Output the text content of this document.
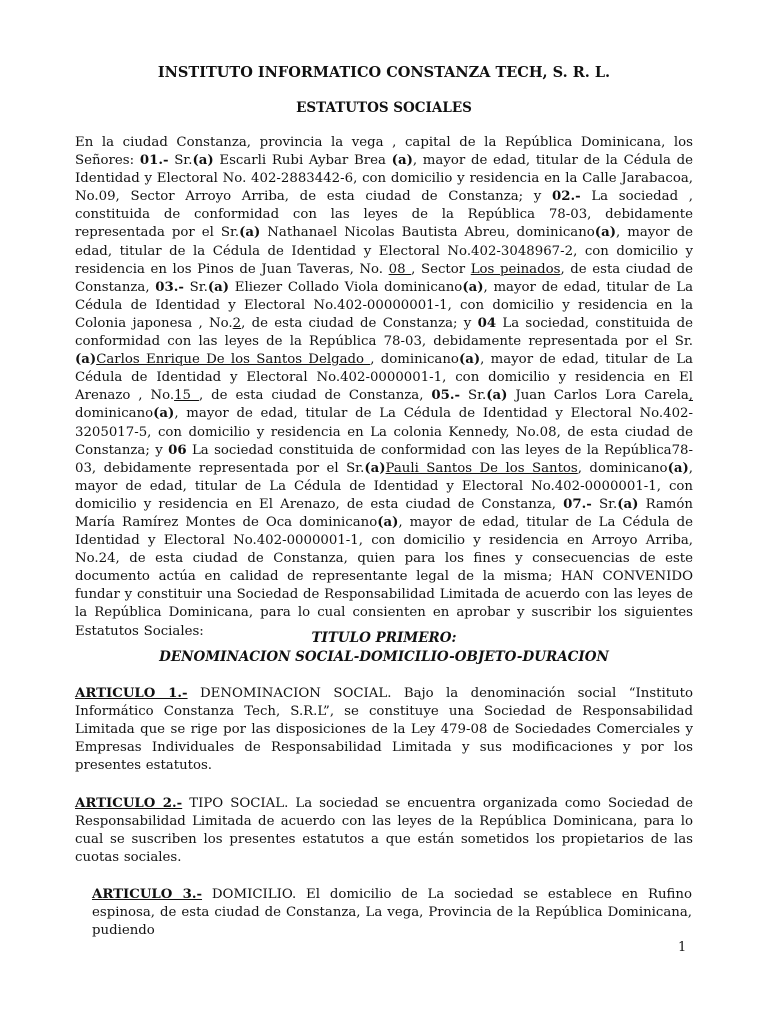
INSTITUTO INFORMATICO CONSTANZA TECH, S. R. L.
ESTATUTOS SOCIALES
En la ciudad Constanza, provincia la vega , capital de la República Dominicana, los Señores: 01.- Sr.(a) Escarli Rubi Aybar Brea (a), mayor de edad, titular de la Cédula de Identidad y Electoral No. 402-2883442-6, con domicilio y residencia en la Calle Jarabacoa, No.09, Sector Arroyo Arriba, de esta ciudad de Constanza; y 02.- La sociedad , constituida de conformidad con las leyes de la República 78-03, debidamente representada por el Sr.(a) Nathanael Nicolas Bautista Abreu, dominicano(a), mayor de edad, titular de la Cédula de Identidad y Electoral No.402-3048967-2, con domicilio y residencia en los Pinos de Juan Taveras, No. 08 , Sector Los peinados, de esta ciudad de Constanza, 03.- Sr.(a) Eliezer Collado Viola dominicano(a), mayor de edad, titular de La Cédula de Identidad y Electoral No.402-00000001-1, con domicilio y residencia en la Colonia japonesa , No.2, de esta ciudad de Constanza; y 04 La sociedad, constituida de conformidad con las leyes de la República 78-03, debidamente representada por el Sr.(a)Carlos Enrique De los Santos Delgado , dominicano(a), mayor de edad, titular de La Cédula de Identidad y Electoral No.402-0000001-1, con domicilio y residencia en El Arenazo , No.15 , de esta ciudad de Constanza, 05.- Sr.(a) Juan Carlos Lora Carela, dominicano(a), mayor de edad, titular de La Cédula de Identidad y Electoral No.402-3205017-5, con domicilio y residencia en La colonia Kennedy, No.08, de esta ciudad de Constanza; y 06 La sociedad constituida de conformidad con las leyes de la República78-03, debidamente representada por el Sr.(a)Pauli Santos De los Santos, dominicano(a), mayor de edad, titular de La Cédula de Identidad y Electoral No.402-0000001-1, con domicilio y residencia en El Arenazo, de esta ciudad de Constanza, 07.- Sr.(a) Ramón María Ramírez Montes de Oca dominicano(a), mayor de edad, titular de La Cédula de Identidad y Electoral No.402-0000001-1, con domicilio y residencia en Arroyo Arriba, No.24, de esta ciudad de Constanza, quien para los fines y consecuencias de este documento actúa en calidad de representante legal de la misma; HAN CONVENIDO fundar y constituir una Sociedad de Responsabilidad Limitada de acuerdo con las leyes de la República Dominicana, para lo cual consienten en aprobar y suscribir los siguientes Estatutos Sociales:	TITULO PRIMERO:
DENOMINACION SOCIAL-DOMICILIO-OBJETO-DURACION
ARTICULO 1.- DENOMINACION SOCIAL. Bajo la denominación social “Instituto Informático Constanza Tech, S.R.L”, se constituye una Sociedad de Responsabilidad Limitada que se rige por las disposiciones de la Ley 479-08 de Sociedades Comerciales y Empresas Individuales de Responsabilidad Limitada y sus modificaciones y por los presentes estatutos.
ARTICULO 2.- TIPO SOCIAL. La sociedad se encuentra organizada como Sociedad de Responsabilidad Limitada de acuerdo con las leyes de la República Dominicana, para lo cual se suscriben los presentes estatutos a que están sometidos los propietarios de las cuotas sociales.
ARTICULO 3.- DOMICILIO. El domicilio de La sociedad se establece en Rufino espinosa, de esta ciudad de Constanza, La vega, Provincia de la República Dominicana, pudiendo
1
